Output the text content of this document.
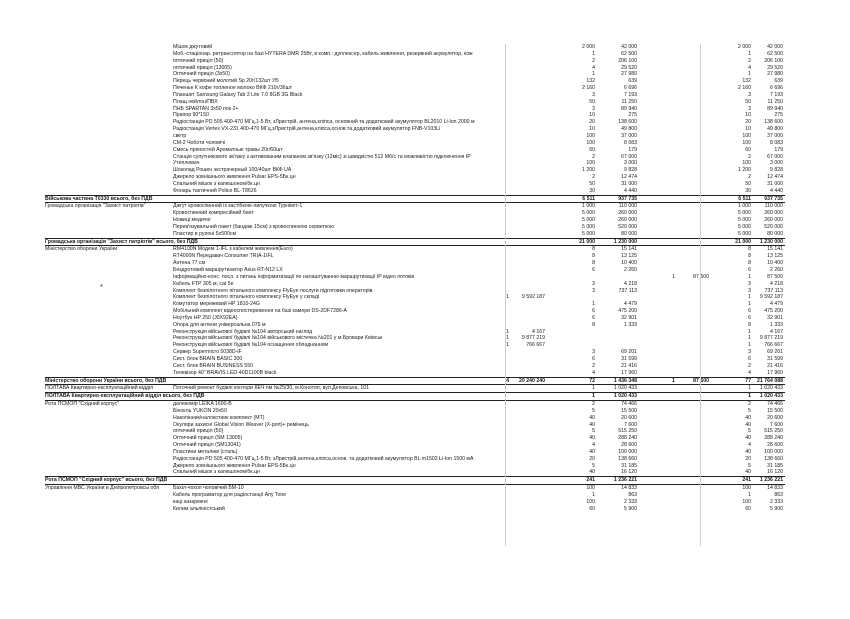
Мішок джутовий	2 000	42 000	2 000	42 000
Моб.-стаціонар. ретранслятор на базі HYTERA DMR 25Вт, в комп.: дуплексер, кабель живлення, резервний акумулятор, кож	1	62 500	1	62 500
оптичний приціл (50)	2	206 100	2	206 100
оптичний приціл (13005)	4	29 520	4	29 520
Оптичний приціл (3х50)	1	27 980	1	27 980
Перець червоний молотий Sp 20г/132шт УБ	132	639	132	639
Печенье К кофе топленое молоко ВКФ 210г/36шт	2 160	6 696	2 160	6 696
Планшет Samsung Galaxy Tab 3 Lite 7.0 8GB 3G Black	3	7 193	3	7 193
Плащ нейлон/ПВХ	50	11 250	50	11 250
ПНБ SPARTAN 3х50 пок 2+	3	89 940	3	89 940
Прапор 90*150	10	275	10	275
Радіостанція PD 505 400-470 МГц,1-5 Вт, зЛристрій, антена,кліпса, основний та додатковий акумулятор BL2010 Li-Ion 2000 м	20	138 600	20	138 600
Радіостанція Vertex VX-231 400-470 МГц,зЛристрій,антена,кліпса,основ.та додатковий акумулятор FNB-V103Li	10	49 800	10	49 800
светр	100	37 000	100	37 000
СМ-2 Чоботи чоловічі	100	8 083	100	8 083
Смесь пряностей Ароматные травы 20г/60шт	60	179	60	179
Станція супутникового зв'язку з активованим клапаном зв'язку (12міс) зі швидкістю 512 Мб/с та можливістю підключення IP	2	67 000	2	67 000
Утеплювач	100	3 000	100	3 000
Шоколад Рошен экстрачерный 100/40шт ВКФ UA	1 200	9 828	1 200	9 828
Джерело зовнішнього живлення Pulsar EPS-5Бк.цн	2	12 474	2	12 474
Спальний мішок з капюшоном/бк.цн	50	31 000	50	31 000
Фонарь тактичний Police BL-T8626	30	4 440	30	4 440
Військова частина Т0330 всього, без ПДВ	6 511	937 735	6 511	937 735
Громадська організація "Захист патріотів"	Джгут кровоспинний із застібкою-липучкою Турнікет-1	1 000	110 000	1 000	110 000
Кровоспинний компресійний бинт	5 000	260 000	5 000	260 000
Ножиці медичні	5 000	260 000	5 000	260 000
Перев'язувальний пакет (бандаж 15см) з кровоспинною серветкою	5 000	520 000	5 000	520 000
Пластир в рулоні 5х500см	5 000	80 000	5 000	80 000
Громадська організація "Захист патріотів" всього, без ПДВ	21 000	1 230 000	21 000	1 230 000
Міністерство оборони України	RM4100N Модем 1-IFL з кабелем живлення(Euro)	8	15 141	8	15 141
RT4000N Передавач Consumer TRIA-1IFL	8	13 125	8	13 125
Антена 77 см	8	10 400	8	10 400
Бездротовий маршрутизатор Asus RT-N12 LX	6	2 260	6	2 260
Інформаційно-конс. посл. з питань інформатизації по налаштуванню маршрутизації IP відео потоків	1	87 500	1	87 500
Кабель FTP 305 м, cat 5е	3	4 218	3	4 218
Комплект безпілотного пітального комплексу FlyEye послуги підготовки операторів	3	737 113	3	737 113
Комплект безпілотного пітального комплексу FlyEye у складі	1	9 592 187	1	9 592 187
Комутатор мережевий HP 1810-24G	1	4 479	1	4 479
Мобільний комплект відеоспостереження на базі камери DS-2DF7286-A	6	475 200	6	475 200
Ноутбук HP 250 (J0X92EA)	6	32 901	6	32 901
Опора для антени універсальна 075 м	8	1 333	8	1 333
Реконструкція військової будівлі №104 авторський нагляд	1	4 167	1	4 167
Реконструкція військової будівлі №104 військового містечка №201 у м.Бровари Київськ	1	9 877 219	1	9 877 219
Реконструкція військової будівлі №104 оснащення обладнанням	1	766 667	1	766 667
Сервер Supermicro 5038D-iF	3	69 201	3	69 201
Сист. блок BRAIN BASIC 300	6	31 599	6	31 599
Сист. блок BRAIN BUSINESS 550	2	21 416	2	21 416
Телевізор 40" BRAVIS LED-40D1100B black	4	17 960	4	17 960
Міністерство оборони України всього, без ПДВ	4	20 240 240	72	1 436 348	1	87 500	77	21 764 088
ПОЛТАВА Квартирно-експлуатаційний відділ	Поточний ремонт будівлі контори КЕЧ пм №25/30, м.Конотоп, вул.Деповська, 101	1	1 020 433	1	1 020 433
ПОЛТАВА Квартирно-експлуатаційний відділ всього, без ПДВ	1	1 020 433	1	1 020 433
Рота ПСМОП "Східний корпус"	далекомір LEIKA 1600-B	2	74 466	2	74 466
Бінокль YUKON 20х50	5	15 500	5	15 500
Наколінник/налокотник комплект (МТ)	40	20 600	40	20 600
Окуляри захисні Global Vision Weaver (X-port)+ ремінець	40	7 600	40	7 600
оптичний приціл (50)	5	515 250	5	515 250
Оптичний приціл (SM 13005)	40	288 240	40	288 240
Оптичний приціл (SM13041)	4	28 600	4	28 600
Пластини металеві (сталь)	40	100 000	40	100 000
Радіостанція PD 505 400-470 МГц,1-5 Вт, зЛристрій,антена,кліпса,основ. та додатковий акумулятор BL m1502 Li-Ion 1500 мА	20	138 660	20	138 660
Джерело зовнішнього живлення Pulsar EPS-5Бк.цн	5	31 185	5	31 185
Спальний мішок з капюшоном/бк.цн	40	16 120	40	16 120
Рота ПСМОП "Східний корпус" всього, без ПДВ	241	1 236 221	241	1 236 221
Управління МВС України в Дніпропетровсьі обл	Бахіл-чохол чоловічий БМ-10	100	14 833	100	14 833
Кабель програматор для радіостанції Any Tone	1	863	1	863
каці казармені	100	2 333	100	2 333
Килим альпіністський	60	5 900	60	5 900
*
